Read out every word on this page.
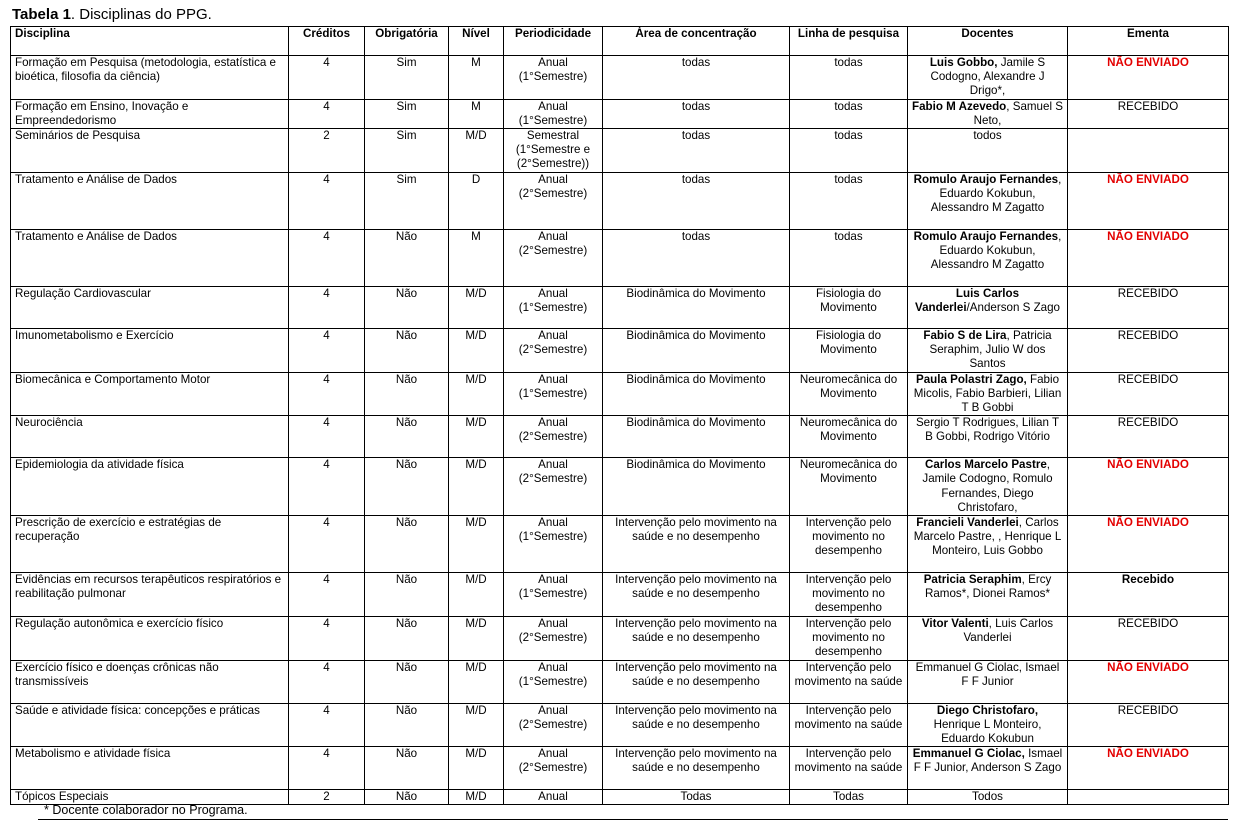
Tabela 1. Disciplinas do PPG.
Disciplina	Créditos	Obrigatória	Nível	Periodicidade	Área de concentração	Linha de pesquisa	Docentes	Ementa
Formação em Pesquisa (metodologia, estatística e bioética, filosofia da ciência)	4	Sim	M	Anual (1°Semestre)	todas	todas	Luis Gobbo, Jamile S Codogno, Alexandre J Drigo*,	NÃO ENVIADO
Formação em Ensino, Inovação e Empreendedorismo	4	Sim	M	Anual (1°Semestre)	todas	todas	Fabio M Azevedo, Samuel S Neto,	RECEBIDO
Seminários de Pesquisa	2	Sim	M/D	Semestral (1°Semestre e (2°Semestre))	todas	todas	todos	
Tratamento e Análise de Dados	4	Sim	D	Anual (2°Semestre)	todas	todas	Romulo Araujo Fernandes, Eduardo Kokubun, Alessandro M Zagatto	NÃO ENVIADO
Tratamento e Análise de Dados	4	Não	M	Anual (2°Semestre)	todas	todas	Romulo Araujo Fernandes, Eduardo Kokubun, Alessandro M Zagatto	NÃO ENVIADO
Regulação Cardiovascular	4	Não	M/D	Anual (1°Semestre)	Biodinâmica do Movimento	Fisiologia do Movimento	Luis Carlos Vanderlei/Anderson S Zago	RECEBIDO
Imunometabolismo e Exercício	4	Não	M/D	Anual (2°Semestre)	Biodinâmica do Movimento	Fisiologia do Movimento	Fabio S de Lira, Patricia Seraphim, Julio W dos Santos	RECEBIDO
Biomecânica e Comportamento Motor	4	Não	M/D	Anual (1°Semestre)	Biodinâmica do Movimento	Neuromecânica do Movimento	Paula Polastri Zago, Fabio Micolis, Fabio Barbieri, Lilian T B Gobbi	RECEBIDO
Neurociência	4	Não	M/D	Anual (2°Semestre)	Biodinâmica do Movimento	Neuromecânica do Movimento	Sergio T Rodrigues, Lilian T B Gobbi, Rodrigo Vitório	RECEBIDO
Epidemiologia da atividade física	4	Não	M/D	Anual (2°Semestre)	Biodinâmica do Movimento	Neuromecânica do Movimento	Carlos Marcelo Pastre, Jamile Codogno, Romulo Fernandes, Diego Christofaro,	NÃO ENVIADO
Prescrição de exercício e estratégias de recuperação	4	Não	M/D	Anual (1°Semestre)	Intervenção pelo movimento na saúde e no desempenho	Intervenção pelo movimento no desempenho	Francieli Vanderlei, Carlos Marcelo Pastre, , Henrique L Monteiro, Luis Gobbo	NÃO ENVIADO
Evidências em recursos terapêuticos respiratórios e reabilitação pulmonar	4	Não	M/D	Anual (1°Semestre)	Intervenção pelo movimento na saúde e no desempenho	Intervenção pelo movimento no desempenho	Patricia Seraphim, Ercy Ramos*, Dionei Ramos*	Recebido
Regulação autonômica e exercício físico	4	Não	M/D	Anual (2°Semestre)	Intervenção pelo movimento na saúde e no desempenho	Intervenção pelo movimento no desempenho	Vitor Valenti, Luis Carlos Vanderlei	RECEBIDO
Exercício físico e doenças crônicas não transmissíveis	4	Não	M/D	Anual (1°Semestre)	Intervenção pelo movimento na saúde e no desempenho	Intervenção pelo movimento na saúde	Emmanuel G Ciolac, Ismael F F Junior	NÃO ENVIADO
Saúde e atividade física: concepções e práticas	4	Não	M/D	Anual (2°Semestre)	Intervenção pelo movimento na saúde e no desempenho	Intervenção pelo movimento na saúde	Diego Christofaro, Henrique L Monteiro, Eduardo Kokubun	RECEBIDO
Metabolismo e atividade física	4	Não	M/D	Anual (2°Semestre)	Intervenção pelo movimento na saúde e no desempenho	Intervenção pelo movimento na saúde	Emmanuel G Ciolac, Ismael F F Junior, Anderson S Zago	NÃO ENVIADO
Tópicos Especiais	2	Não	M/D	Anual	Todas	Todas	Todos	
* Docente colaborador no Programa.
